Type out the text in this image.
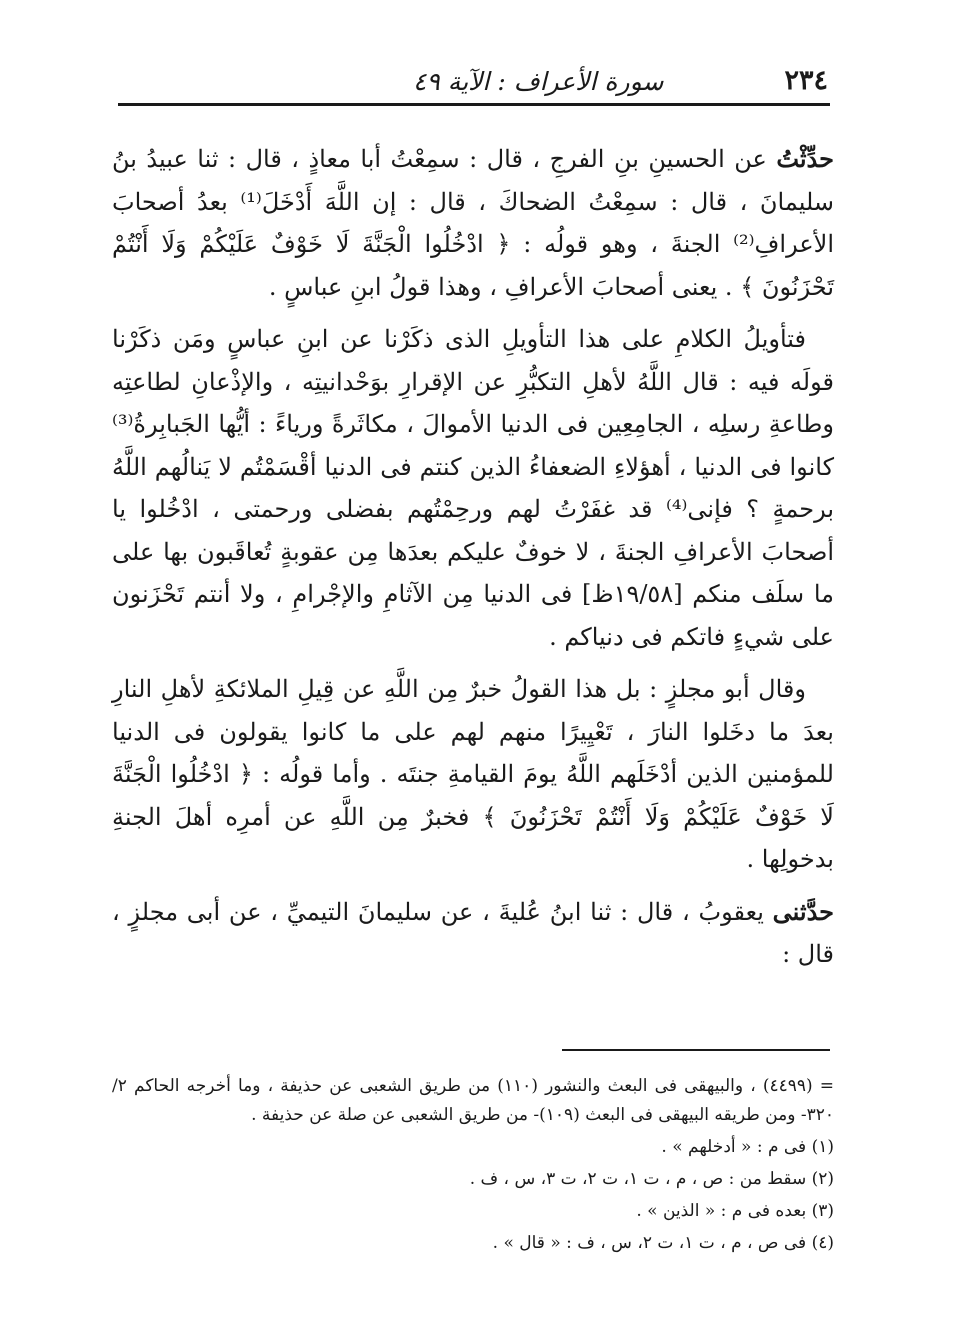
٢٣٤
سورة الأعراف : الآية ٤٩

حدِّثْتُ عن الحسينِ بنِ الفرجِ ، قال : سمِعْتُ أبا معاذٍ ، قال : ثنا عبيدُ بنُ سليمانَ ، قال : سمِعْتُ الضحاكَ ، قال : إن اللَّهَ أَدْخَلَ⁽¹⁾ بعدُ أصحابَ الأعرافِ⁽²⁾ الجنةَ ، وهو قولُه : ﴿ ادْخُلُوا الْجَنَّةَ لَا خَوْفٌ عَلَيْكُمْ وَلَا أَنْتُمْ تَحْزَنُونَ ﴾ . يعنى أصحابَ الأعرافِ ، وهذا قولُ ابنِ عباسٍ .

فتأويلُ الكلامِ على هذا التأويلِ الذى ذكَرْنا عن ابنِ عباسٍ ومَن ذكَرْنا قولَه فيه : قال اللَّهُ لأهلِ التكبُّرِ عن الإقرارِ بوَحْدانيتِه ، والإذْعانِ لطاعتِه وطاعةِ رسلِه ، الجامِعِين فى الدنيا الأموالَ ، مكاثَرةً ورياءً : أيُّها الجَبابِرةُ⁽³⁾ كانوا فى الدنيا ، أهؤلاءِ الضعفاءُ الذين كنتم فى الدنيا أقْسَمْتُم لا يَنالُهم اللَّهُ برحمةٍ ؟ فإنى⁽⁴⁾ قد غفَرْتُ لهم ورحِمْتُهم بفضلى ورحمتى ، ادْخُلوا يا أصحابَ الأعرافِ الجنةَ ، لا خوفٌ عليكم بعدَها مِن عقوبةٍ تُعاقَبون بها على ما سلَف منكم [١٩/٥٨ظ] فى الدنيا مِن الآثامِ والإجْرامِ ، ولا أنتم تَحْزَنون على شيءٍ فاتكم فى دنياكم .

وقال أبو مجلزٍ : بل هذا القولُ خبرٌ مِن اللَّهِ عن قِيلِ الملائكةِ لأهلِ النارِ بعدَ ما دخَلوا النارَ ، تَعْيِيرًا منهم لهم على ما كانوا يقولون فى الدنيا للمؤمنين الذين أدْخَلَهم اللَّهُ يومَ القيامةِ جنتَه . وأما قولُه : ﴿ ادْخُلُوا الْجَنَّةَ لَا خَوْفٌ عَلَيْكُمْ وَلَا أَنْتُمْ تَحْزَنُونَ ﴾ فخبرٌ مِن اللَّهِ عن أمرِه أهلَ الجنةِ بدخولِها .

حدَّثنى يعقوبُ ، قال : ثنا ابنُ عُليةَ ، عن سليمانَ التيميِّ ، عن أبى مجلزٍ ، قال :

= (٤٤٩٩) ، والبيهقى فى البعث والنشور (١١٠) من طريق الشعبى عن حذيفة ، وما أخرجه الحاكم ٢/ ٣٢٠- ومن طريقه البيهقى فى البعث (١٠٩)- من طريق الشعبى عن صلة عن حذيفة .

(١) فى م : « أدخلهم » .

(٢) سقط من : ص ، م ، ت ١، ت ٢، ت ٣، س ، ف .

(٣) بعده فى م : « الذين » .

(٤) فى ص ، م ، ت ١، ت ٢، س ، ف : « قال » .
